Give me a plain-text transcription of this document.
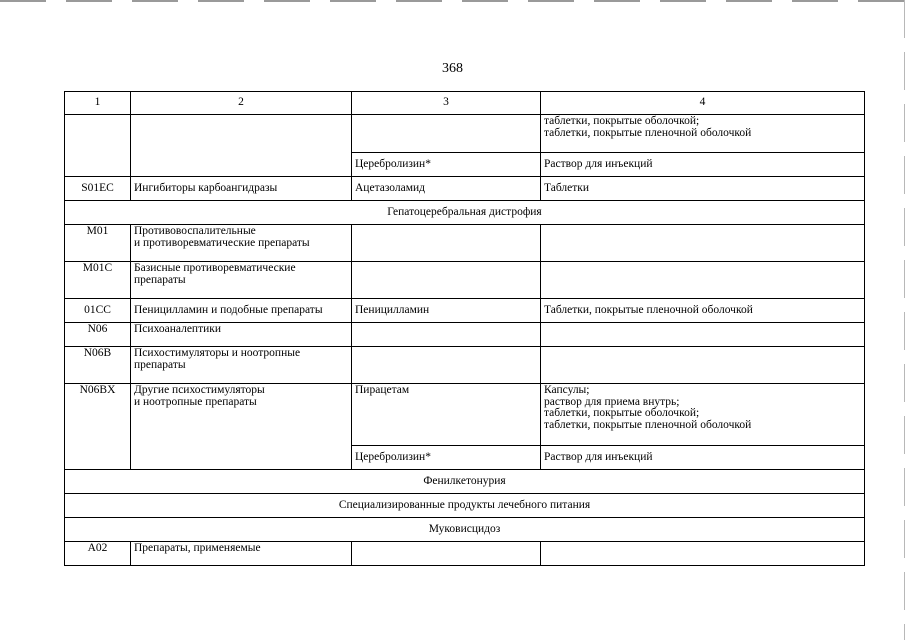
368
1	2	3	4
			таблетки, покрытые оболочкой;
таблетки, покрытые пленочной оболочкой
		Церебролизин*	Раствор для инъекций
S01EC	Ингибиторы карбоангидразы	Ацетазоламид	Таблетки
Гепатоцеребральная дистрофия			
M01	Противовоспалительные
и противоревматические препараты		
M01C	Базисные противоревматические
препараты		
01CC	Пеницилламин и подобные препараты	Пеницилламин	Таблетки, покрытые пленочной оболочкой
N06	Психоаналептики		
N06B	Психостимуляторы и ноотропные
препараты		
N06BX	Другие психостимуляторы
и ноотропные препараты	Пирацетам	Капсулы;
раствор для приема внутрь;
таблетки, покрытые оболочкой;
таблетки, покрытые пленочной оболочкой
		Церебролизин*	Раствор для инъекций
Фенилкетонурия			
Специализированные продукты лечебного питания			
Муковисцидоз			
A02	Препараты, применяемые		
